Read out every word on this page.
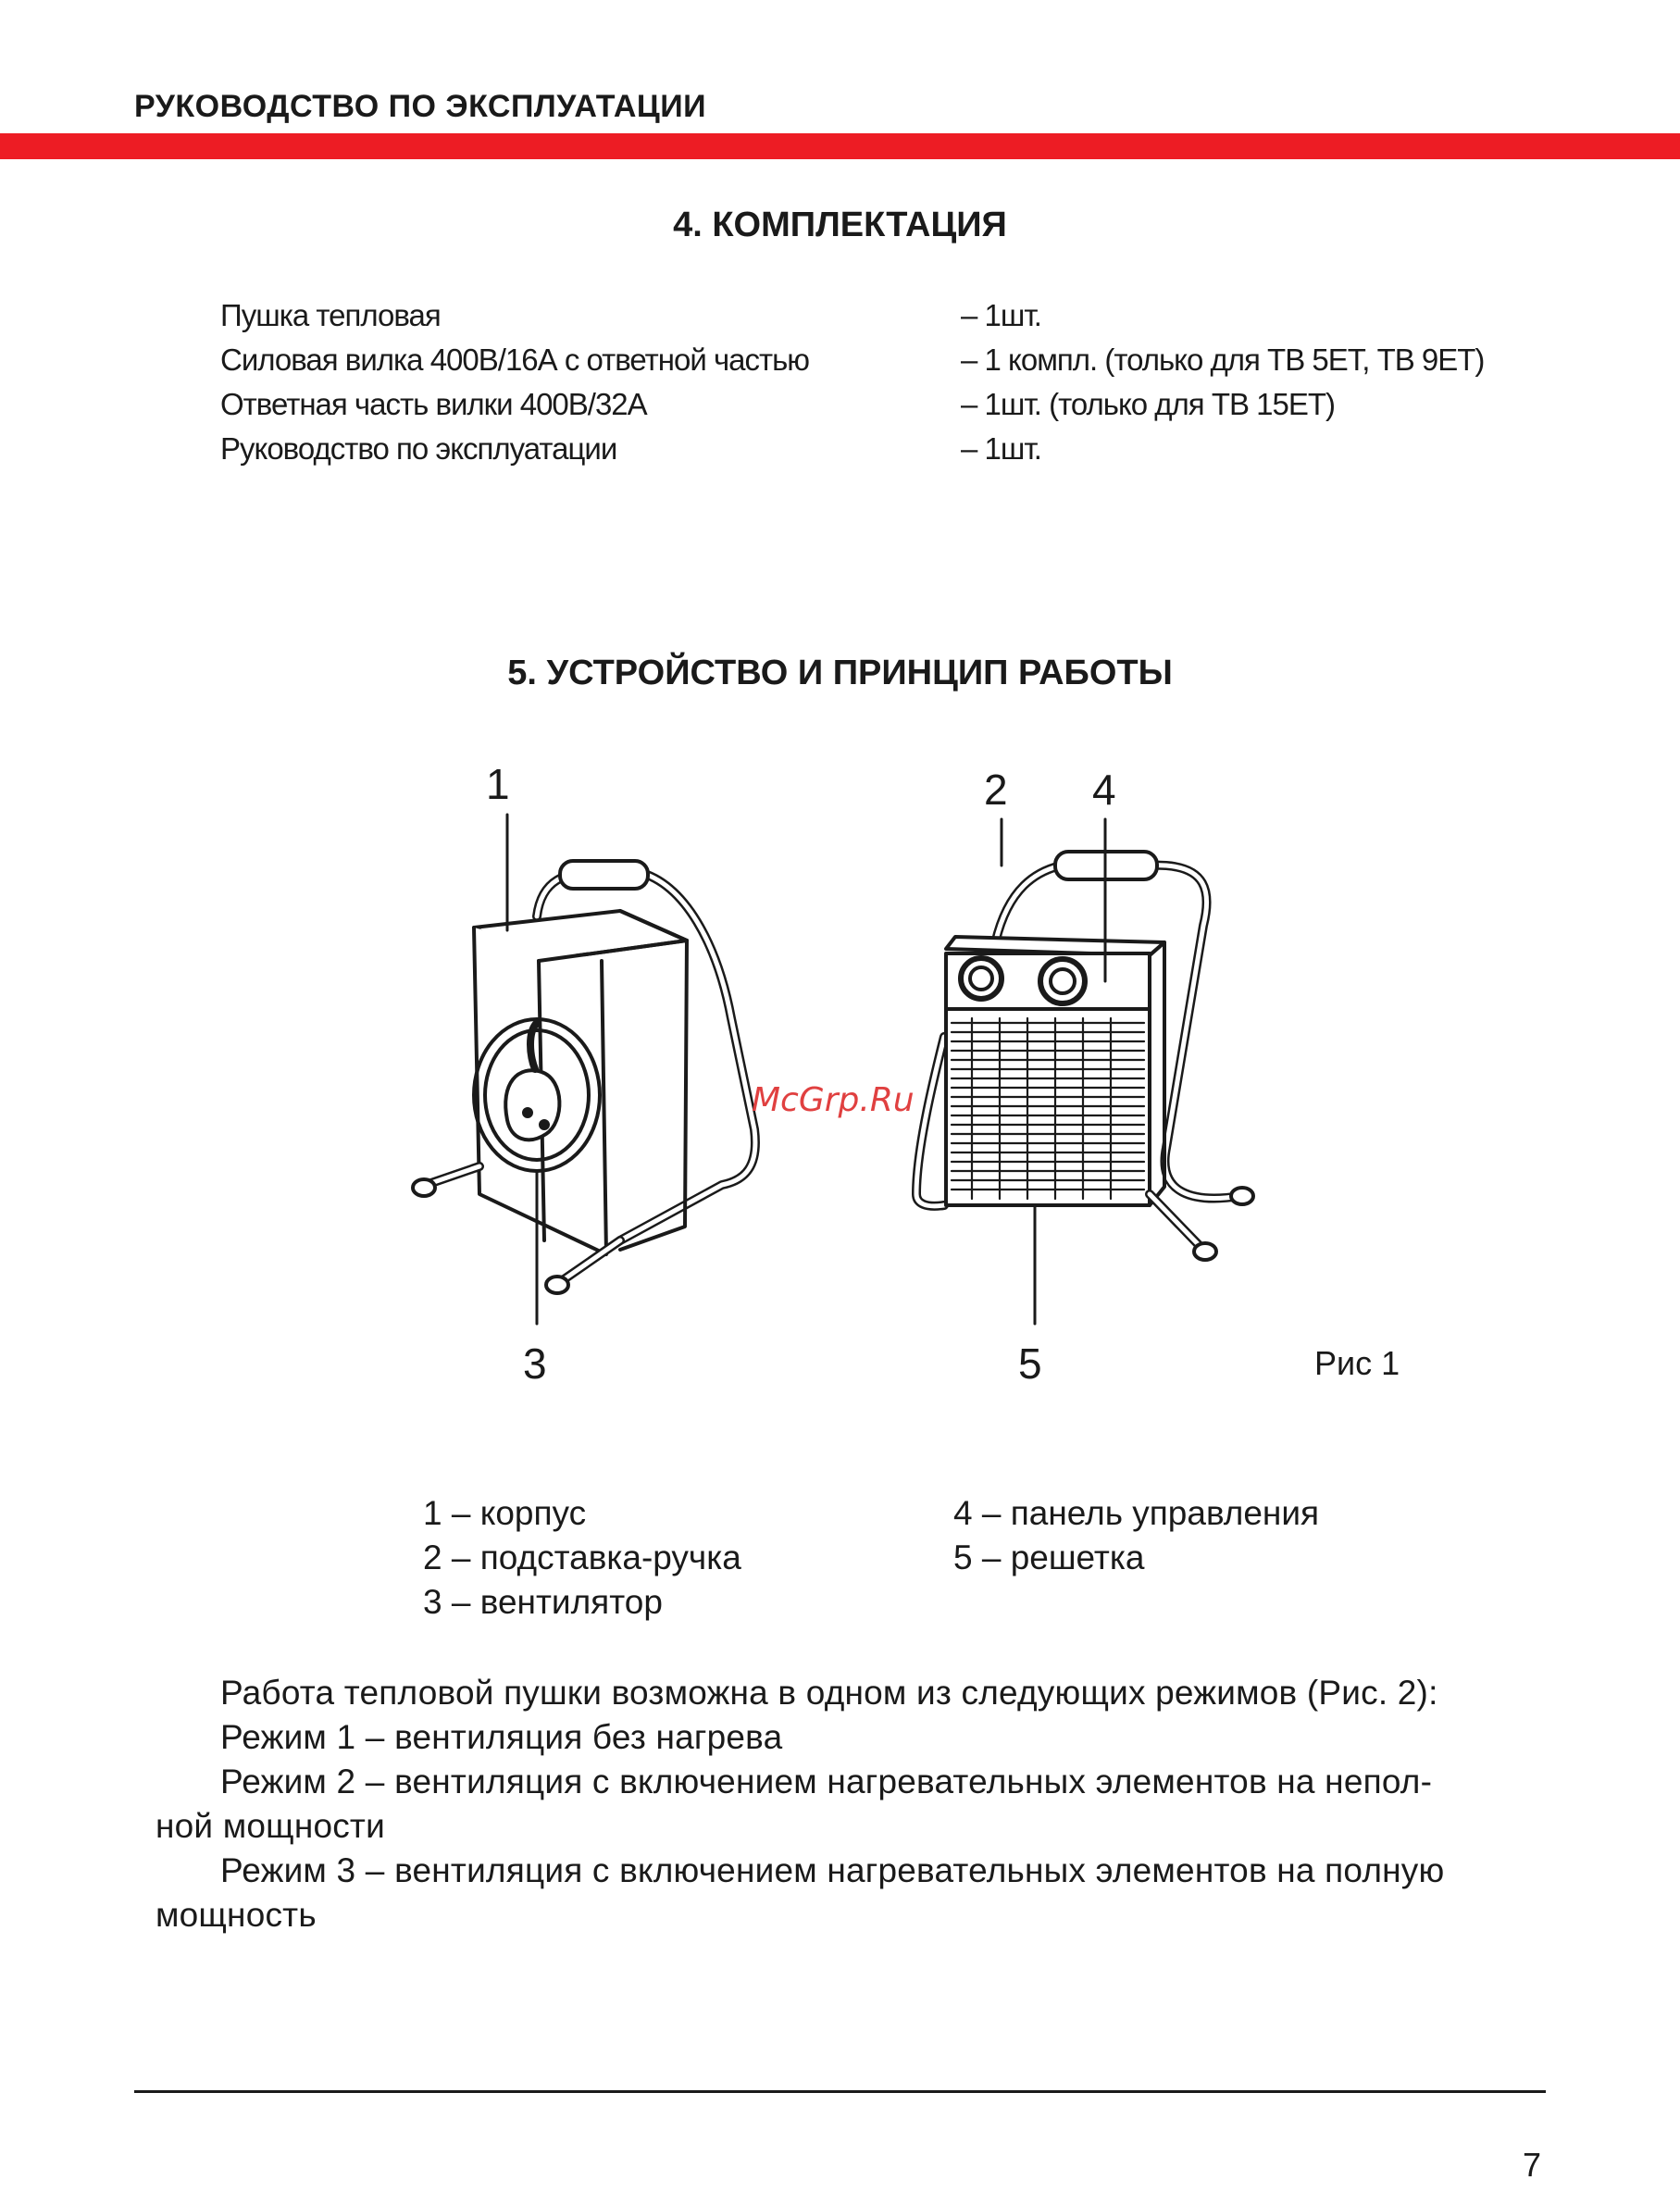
РУКОВОДСТВО ПО ЭКСПЛУАТАЦИИ
4. КОМПЛЕКТАЦИЯ
Пушка тепловая	– 1шт.
Силовая вилка 400В/16А с ответной частью	– 1 компл. (только для ТВ 5ЕТ, ТВ 9ЕТ)
Ответная часть вилки 400В/32А	– 1шт. (только для ТВ 15ЕТ)
Руководство по эксплуатации	– 1шт.
5. УСТРОЙСТВО И ПРИНЦИП РАБОТЫ
1	2
3
4
5
McGrp.Ru
Рис 1
1 – корпус
2 – подставка-ручка
3 – вентилятор
4 – панель управления
5 – решетка
Работа тепловой пушки возможна в одном из следующих режимов (Рис. 2):
Режим 1 – вентиляция без нагрева
Режим 2 – вентиляция с включением нагревательных элементов на непол-
ной мощности
Режим 3 – вентиляция с включением нагревательных элементов на полную
мощность
7
